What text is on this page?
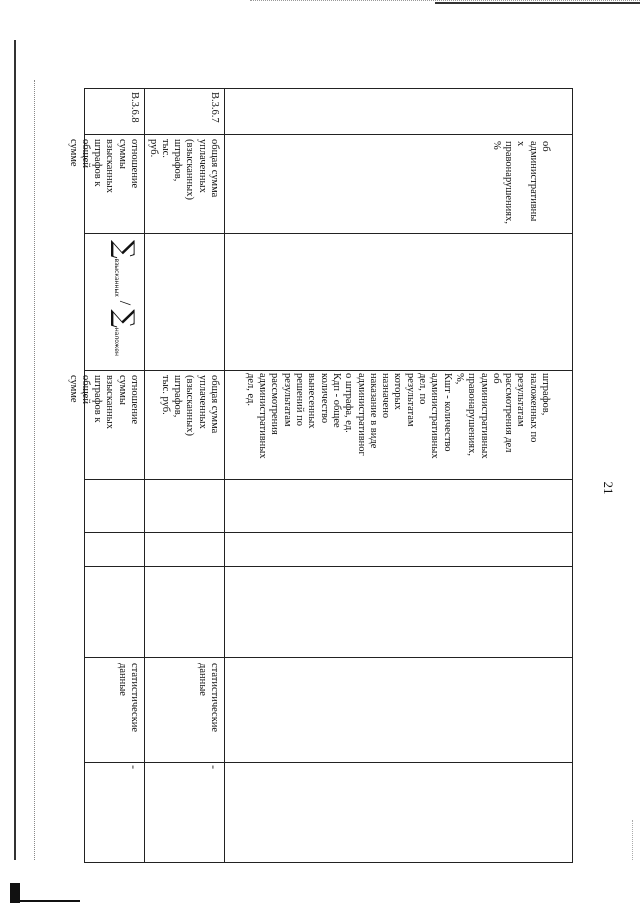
21
об
административны
х
правонарушениях,
%
штрафов,
наложенных по
результатам
рассмотрения дел
об
административных
правонарушениях,
%,
Кшт - количество
административных
дел, по
результатам
которых
назначено
наказание в виде
административног
о штрафа, ед.
Кдп - общее
количество
вынесенных
решений по
результатам
рассмотрения
административных
дел, ед.
В.3.6.7
общая сумма
уплаченных
(взысканных)
штрафов, тыс.
руб.
общая сумма
уплаченных
(взысканных)
штрафов, тыс. руб.
статистические
данные
-
В.3.6.8
отношение суммы
взысканных
штрафов к общей
сумме
∑
взысканных
/
∑
наложен
отношение суммы
взысканных
штрафов к общей
сумме
статистические
данные
-
